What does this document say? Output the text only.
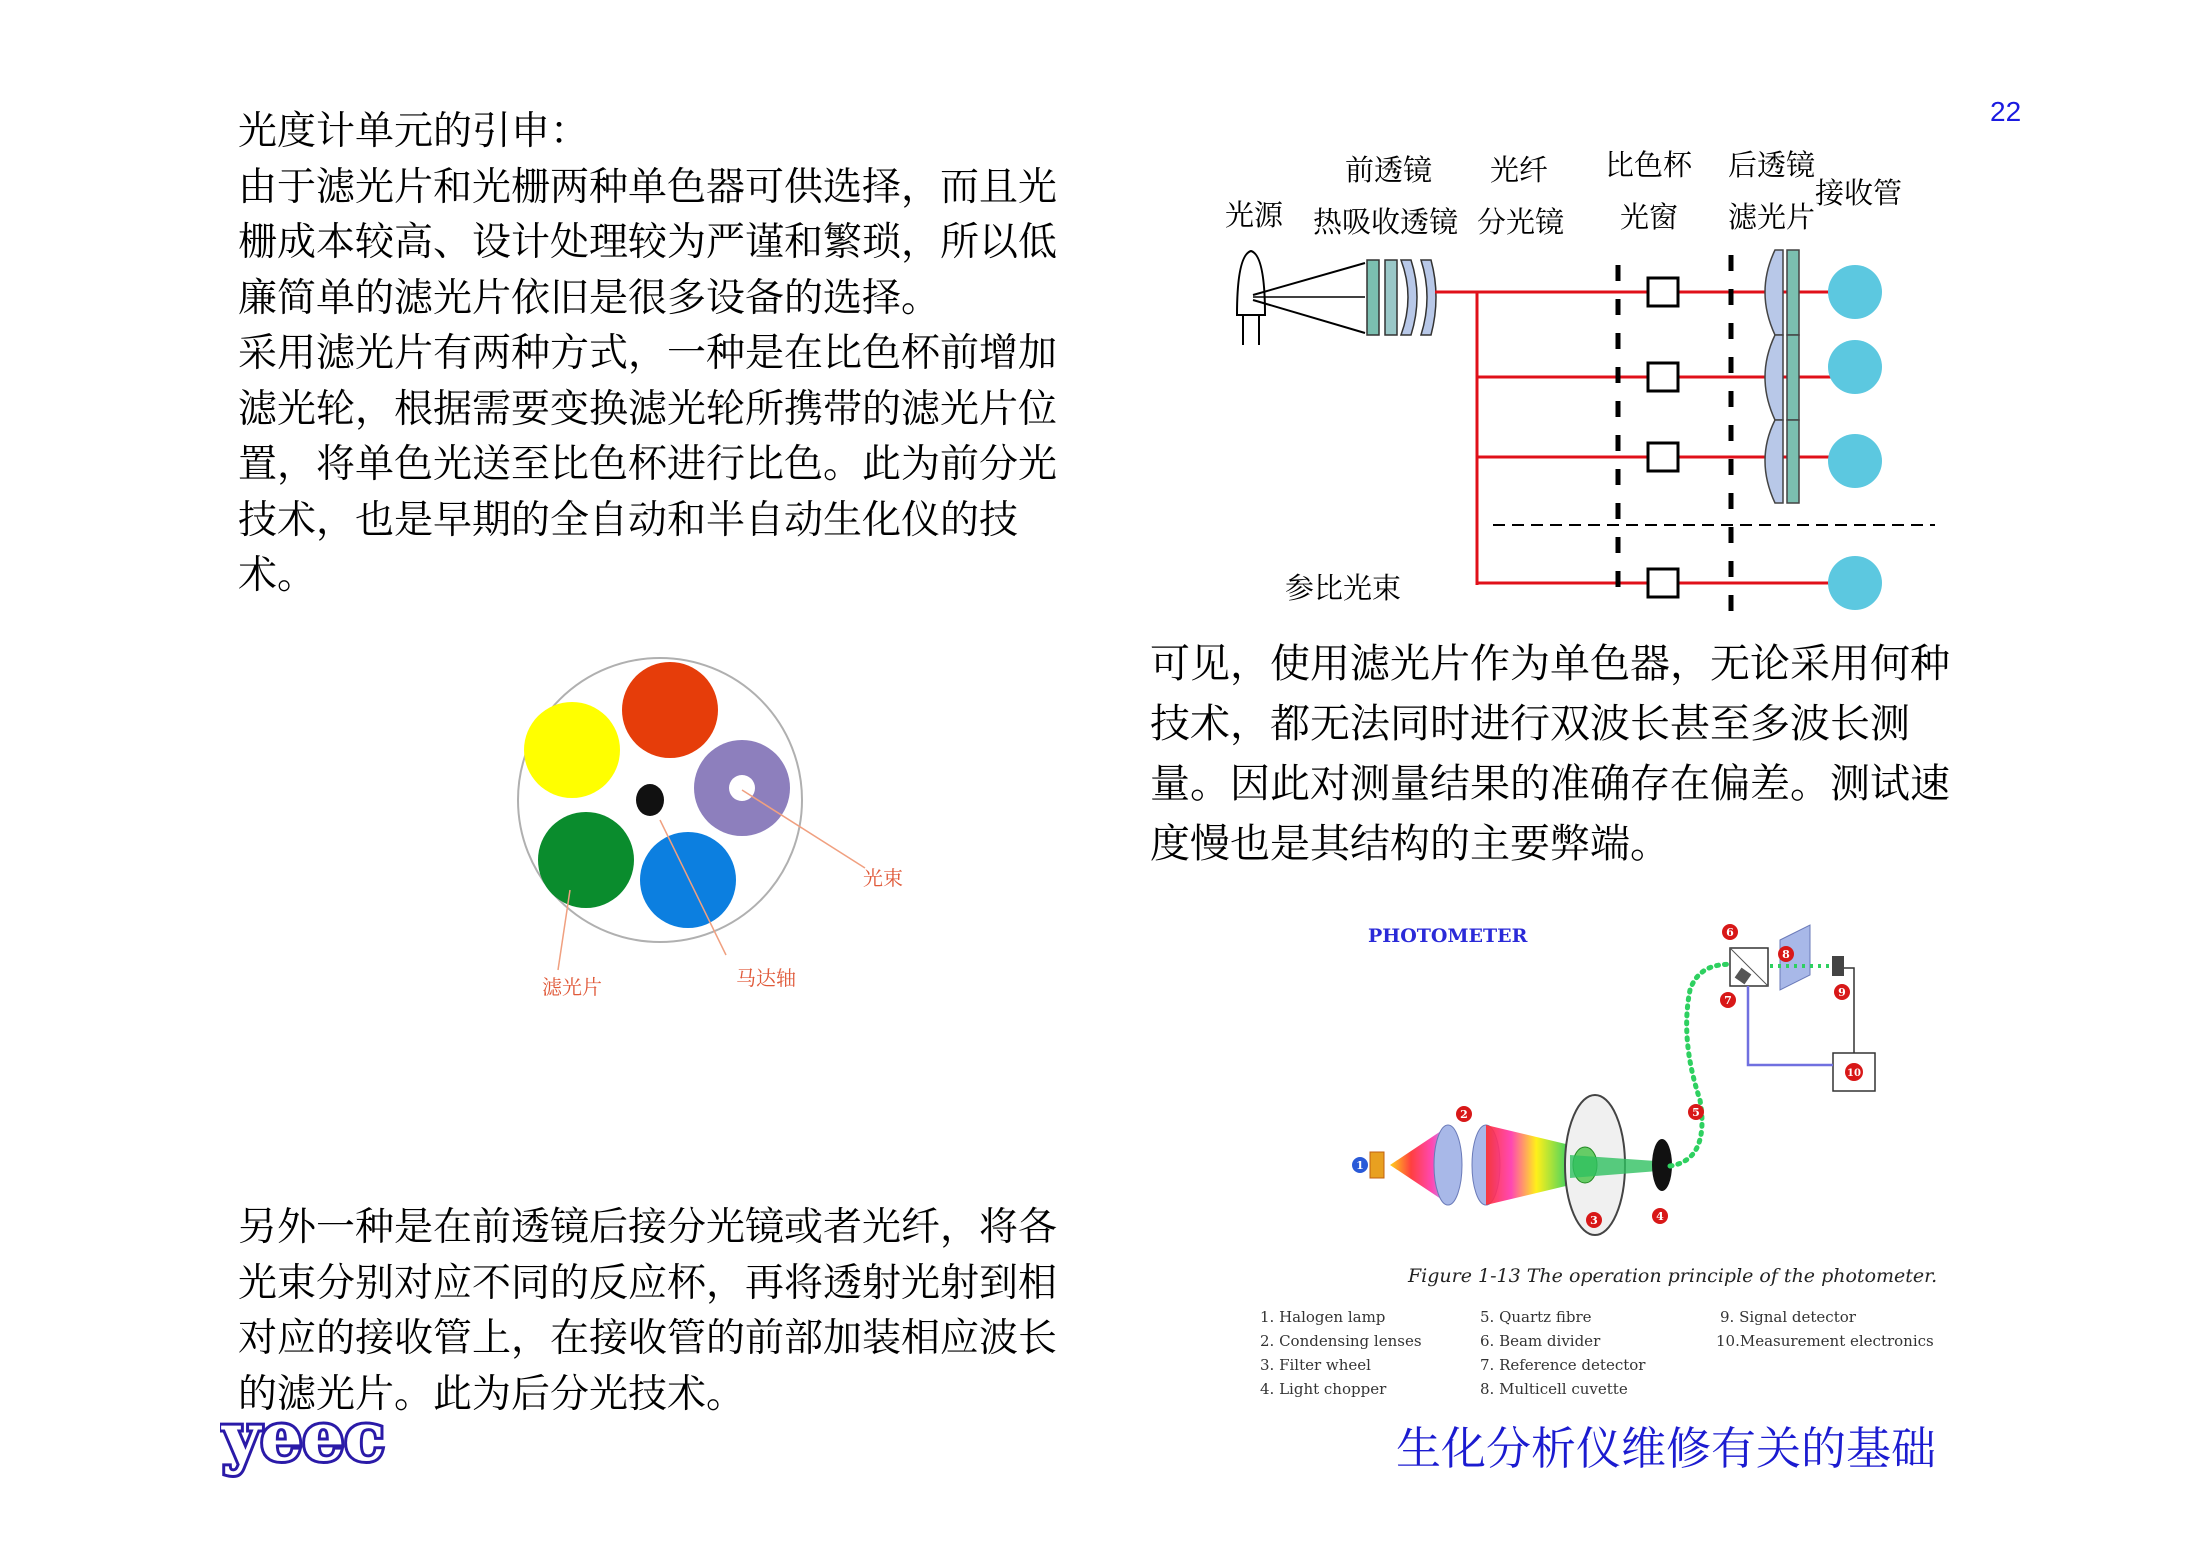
22

光度计单元的引申：

由于滤光片和光栅两种单色器可供选择，而且光栅成本较高、设计处理较为严谨和繁琐，所以低廉简单的滤光片依旧是很多设备的选择。

采用滤光片有两种方式，一种是在比色杯前增加滤光轮，根据需要变换滤光轮所携带的滤光片位置，将单色光送至比色杯进行比色。此为前分光技术，也是早期的全自动和半自动生化仪的技术。

光束
滤光片	马达轴

另外一种是在前透镜后接分光镜或者光纤，将各光束分别对应不同的反应杯，再将透射光射到相对应的接收管上，在接收管的前部加装相应波长的滤光片。此为后分光技术。

yeec
光源
前透镜
热吸收透镜
光纤
分光镜
比色杯
光窗
后透镜
滤光片
接收管
参比光束

可见，使用滤光片作为单色器，无论采用何种技术，都无法同时进行双波长甚至多波长测量。因此对测量结果的准确存在偏差。测试速度慢也是其结构的主要弊端。

PHOTOMETER
1
2
3	4
5
6
7
8
9
10
Figure 1-13 The operation principle of the photometer.
1. Halogen lamp
2. Condensing lenses
3. Filter wheel
4. Light chopper
5. Quartz fibre
6. Beam divider
7. Reference detector
8. Multicell cuvette
9. Signal detector
10.Measurement electronics
生化分析仪维修有关的基础
